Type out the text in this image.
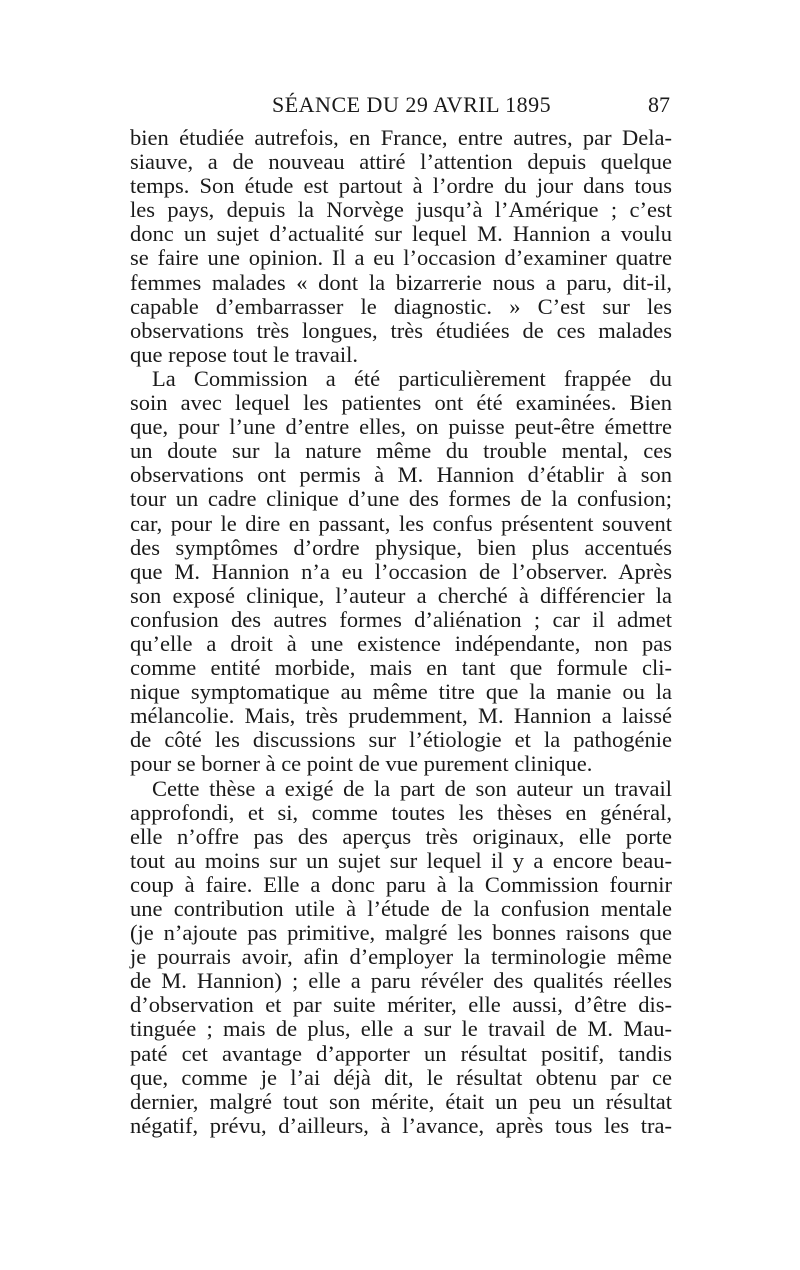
SÉANCE DU 29 AVRIL 1895	87
bien étudiée autrefois, en France, entre autres, par Dela-
siauve, a de nouveau attiré l’attention depuis quelque
temps. Son étude est partout à l’ordre du jour dans tous
les pays, depuis la Norvège jusqu’à l’Amérique ; c’est
donc un sujet d’actualité sur lequel M. Hannion a voulu
se faire une opinion. Il a eu l’occasion d’examiner quatre
femmes malades « dont la bizarrerie nous a paru, dit-il,
capable d’embarrasser le diagnostic. » C’est sur les
observations très longues, très étudiées de ces malades
que repose tout le travail.
La Commission a été particulièrement frappée du
soin avec lequel les patientes ont été examinées. Bien
que, pour l’une d’entre elles, on puisse peut-être émettre
un doute sur la nature même du trouble mental, ces
observations ont permis à M. Hannion d’établir à son
tour un cadre clinique d’une des formes de la confusion;
car, pour le dire en passant, les confus présentent souvent
des symptômes d’ordre physique, bien plus accentués
que M. Hannion n’a eu l’occasion de l’observer. Après
son exposé clinique, l’auteur a cherché à différencier la
confusion des autres formes d’aliénation ; car il admet
qu’elle a droit à une existence indépendante, non pas
comme entité morbide, mais en tant que formule cli-
nique symptomatique au même titre que la manie ou la
mélancolie. Mais, très prudemment, M. Hannion a laissé
de côté les discussions sur l’étiologie et la pathogénie
pour se borner à ce point de vue purement clinique.
Cette thèse a exigé de la part de son auteur un travail
approfondi, et si, comme toutes les thèses en général,
elle n’offre pas des aperçus très originaux, elle porte
tout au moins sur un sujet sur lequel il y a encore beau-
coup à faire. Elle a donc paru à la Commission fournir
une contribution utile à l’étude de la confusion mentale
(je n’ajoute pas primitive, malgré les bonnes raisons que
je pourrais avoir, afin d’employer la terminologie même
de M. Hannion) ; elle a paru révéler des qualités réelles
d’observation et par suite mériter, elle aussi, d’être dis-
tinguée ; mais de plus, elle a sur le travail de M. Mau-
paté cet avantage d’apporter un résultat positif, tandis
que, comme je l’ai déjà dit, le résultat obtenu par ce
dernier, malgré tout son mérite, était un peu un résultat
négatif, prévu, d’ailleurs, à l’avance, après tous les tra-
